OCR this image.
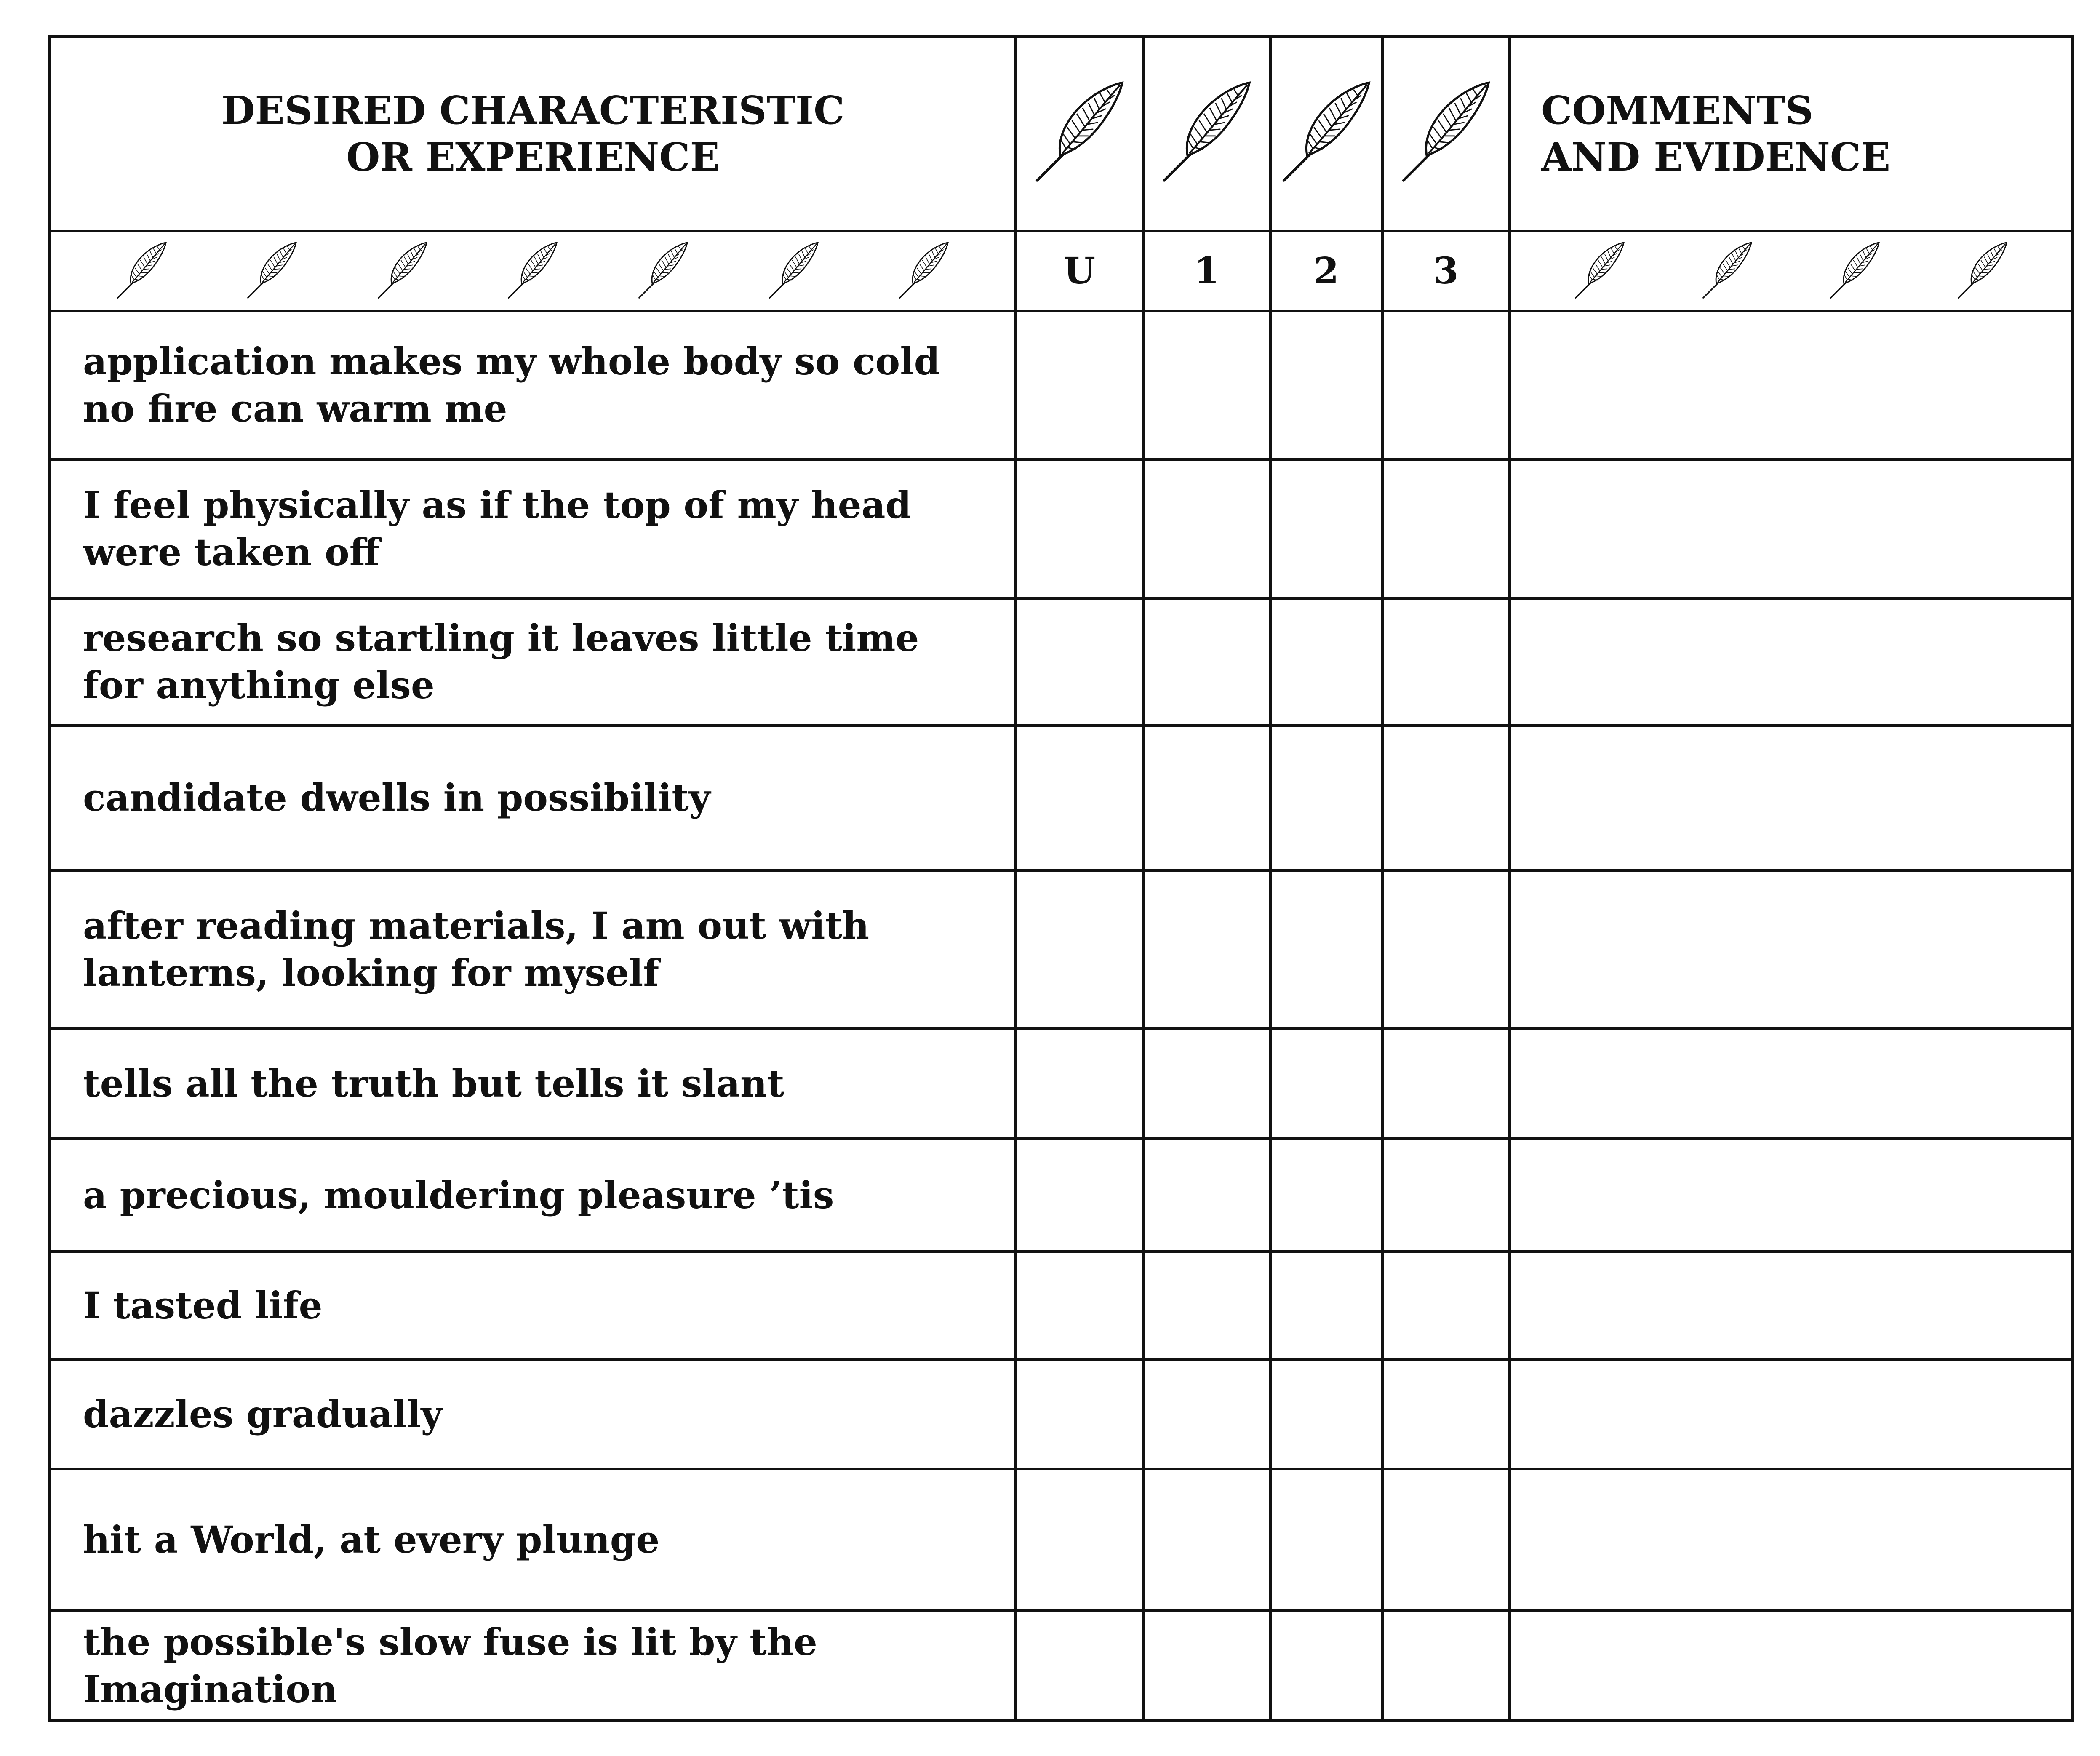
DESIRED CHARACTERISTIC
OR EXPERIENCE					COMMENTS
AND EVIDENCE

	U	1	2	3	

application makes my whole body so cold no fire can warm me					
I feel physically as if the top of my head were taken off					
research so startling it leaves little time for anything else					
candidate dwells in possibility					
after reading materials, I am out with lanterns, looking for myself					
tells all the truth but tells it slant					
a precious, mouldering pleasure ’tis					
I tasted life					
dazzles gradually					
hit a World, at every plunge					
the possible's slow fuse is lit by the Imagination					
